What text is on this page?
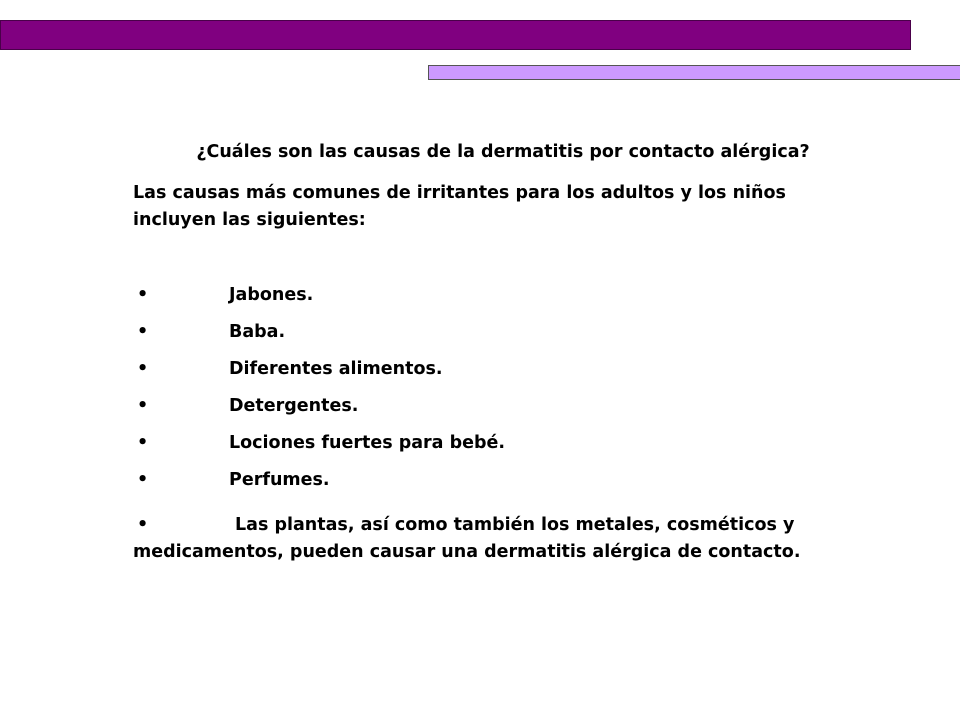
¿Cuáles son las causas de la dermatitis por contacto alérgica?
Las causas más comunes de irritantes para los adultos y los niños incluyen las siguientes:
•	Jabones.
•	Baba.
•	Diferentes alimentos.
•	Detergentes.
•	Lociones fuertes para bebé.
•	Perfumes.
•	Las plantas, así como también los metales, cosméticos y medicamentos, pueden causar una dermatitis alérgica de contacto.
